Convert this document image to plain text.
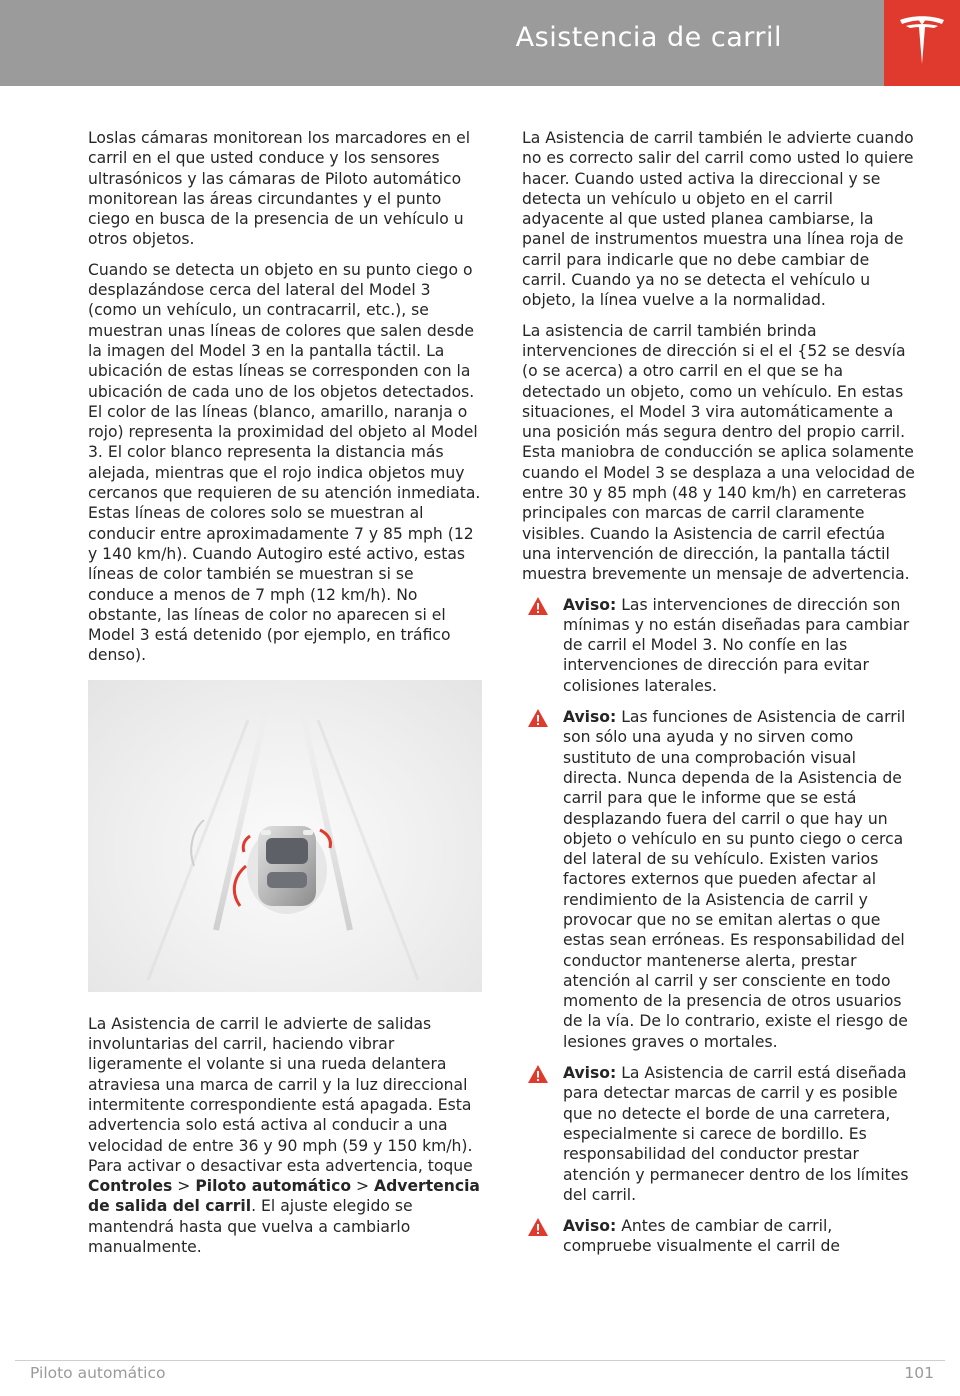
Asistencia de carril

Loslas cámaras monitorean los marcadores en el carril en el que usted conduce y los sensores ultrasónicos y las cámaras de Piloto automático monitorean las áreas circundantes y el punto ciego en busca de la presencia de un vehículo u otros objetos.

Cuando se detecta un objeto en su punto ciego o desplazándose cerca del lateral del Model 3 (como un vehículo, un contracarril, etc.), se muestran unas líneas de colores que salen desde la imagen del Model 3 en la pantalla táctil. La ubicación de estas líneas se corresponden con la ubicación de cada uno de los objetos detectados. El color de las líneas (blanco, amarillo, naranja o rojo) representa la proximidad del objeto al Model 3. El color blanco representa la distancia más alejada, mientras que el rojo indica objetos muy cercanos que requieren de su atención inmediata. Estas líneas de colores solo se muestran al conducir entre aproximadamente 7 y 85 mph (12 y 140 km/h). Cuando Autogiro esté activo, estas líneas de color también se muestran si se conduce a menos de 7 mph (12 km/h). No obstante, las líneas de color no aparecen si el Model 3 está detenido (por ejemplo, en tráfico denso).

La Asistencia de carril le advierte de salidas involuntarias del carril, haciendo vibrar ligeramente el volante si una rueda delantera atraviesa una marca de carril y la luz direccional intermitente correspondiente está apagada. Esta advertencia solo está activa al conducir a una velocidad de entre 36 y 90 mph (59 y 150 km/h). Para activar o desactivar esta advertencia, toque Controles > Piloto automático > Advertencia de salida del carril. El ajuste elegido se mantendrá hasta que vuelva a cambiarlo manualmente.

La Asistencia de carril también le advierte cuando no es correcto salir del carril como usted lo quiere hacer. Cuando usted activa la direccional y se detecta un vehículo u objeto en el carril adyacente al que usted planea cambiarse, la panel de instrumentos muestra una línea roja de carril para indicarle que no debe cambiar de carril. Cuando ya no se detecta el vehículo u objeto, la línea vuelve a la normalidad.

La asistencia de carril también brinda intervenciones de dirección si el el {52 se desvía (o se acerca) a otro carril en el que se ha detectado un objeto, como un vehículo. En estas situaciones, el Model 3 vira automáticamente a una posición más segura dentro del propio carril. Esta maniobra de conducción se aplica solamente cuando el Model 3 se desplaza a una velocidad de entre 30 y 85 mph (48 y 140 km/h) en carreteras principales con marcas de carril claramente visibles. Cuando la Asistencia de carril efectúa una intervención de dirección, la pantalla táctil muestra brevemente un mensaje de advertencia.

Aviso: Las intervenciones de dirección son mínimas y no están diseñadas para cambiar de carril el Model 3. No confíe en las intervenciones de dirección para evitar colisiones laterales.
Aviso: Las funciones de Asistencia de carril son sólo una ayuda y no sirven como sustituto de una comprobación visual directa. Nunca dependa de la Asistencia de carril para que le informe que se está desplazando fuera del carril o que hay un objeto o vehículo en su punto ciego o cerca del lateral de su vehículo. Existen varios factores externos que pueden afectar al rendimiento de la Asistencia de carril y provocar que no se emitan alertas o que estas sean erróneas. Es responsabilidad del conductor mantenerse alerta, prestar atención al carril y ser consciente en todo momento de la presencia de otros usuarios de la vía. De lo contrario, existe el riesgo de lesiones graves o mortales.
Aviso: La Asistencia de carril está diseñada para detectar marcas de carril y es posible que no detecte el borde de una carretera, especialmente si carece de bordillo. Es responsabilidad del conductor prestar atención y permanecer dentro de los límites del carril.
Aviso: Antes de cambiar de carril, compruebe visualmente el carril de
Piloto automático	101
